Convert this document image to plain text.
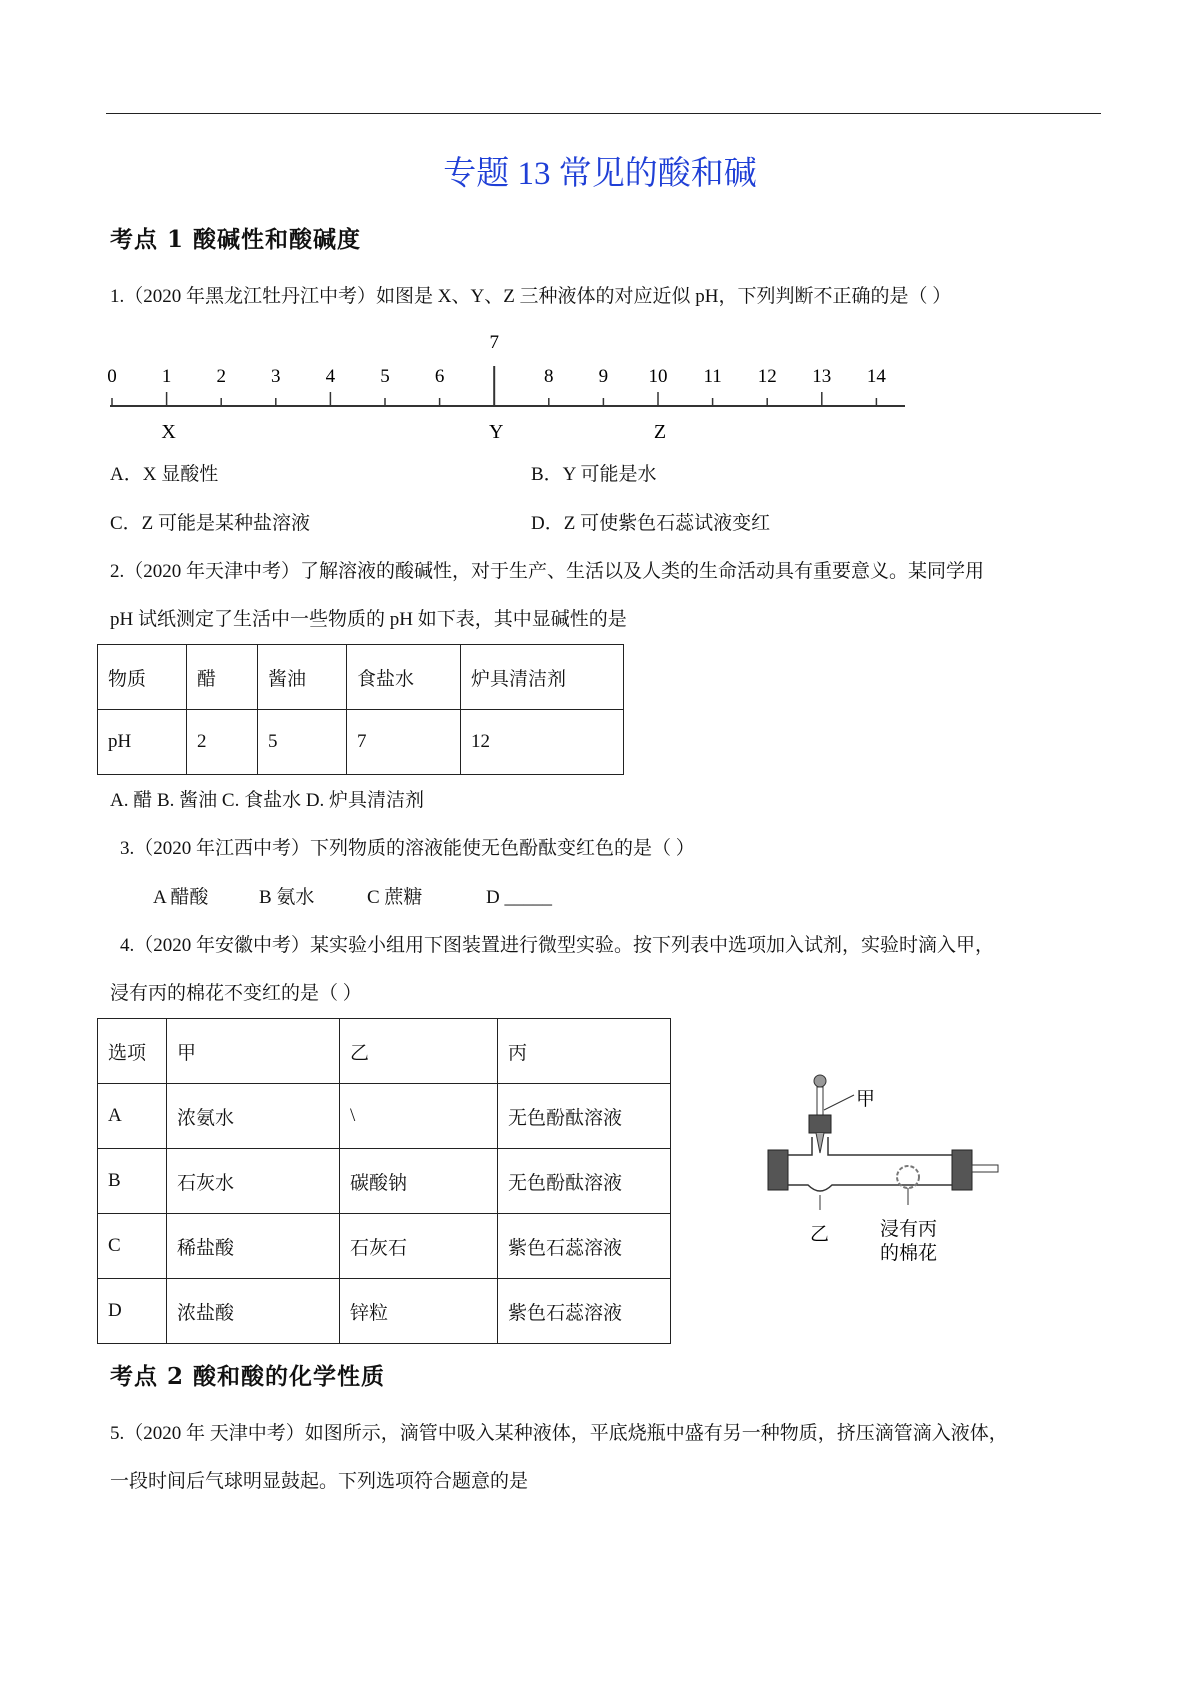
专题 13 常见的酸和碱
考点 1 酸碱性和酸碱度
1.（2020 年黑龙江牡丹江中考）如图是 X、Y、Z 三种液体的对应近似 pH，下列判断不正确的是（ ）
0 1 2 3 4 5 6
7
8 9 10 11 12 13 14
X	Y	Z
A．X 显酸性	B．Y 可能是水
C．Z 可能是某种盐溶液	D．Z 可使紫色石蕊试液变红
2.（2020 年天津中考）了解溶液的酸碱性，对于生产、生活以及人类的生命活动具有重要意义。某同学用
pH 试纸测定了生活中一些物质的 pH 如下表，其中显碱性的是
物质	醋	酱油	食盐水	炉具清洁剂
pH	2	5	7	12
A. 醋 B. 酱油 C. 食盐水 D. 炉具清洁剂
3.（2020 年江西中考）下列物质的溶液能使无色酚酞变红色的是（ ）
A 醋酸	B 氨水	C 蔗糖	D _____
4.（2020 年安徽中考）某实验小组用下图装置进行微型实验。按下列表中选项加入试剂，实验时滴入甲，
浸有丙的棉花不变红的是（ ）
选项	甲	乙	丙
A	浓氨水	\	无色酚酞溶液
B	石灰水	碳酸钠	无色酚酞溶液
C	稀盐酸	石灰石	紫色石蕊溶液
D	浓盐酸	锌粒	紫色石蕊溶液
甲
乙	浸有丙
的棉花
考点 2 酸和酸的化学性质
5.（2020 年 天津中考）如图所示，滴管中吸入某种液体，平底烧瓶中盛有另一种物质，挤压滴管滴入液体，
一段时间后气球明显鼓起。下列选项符合题意的是
